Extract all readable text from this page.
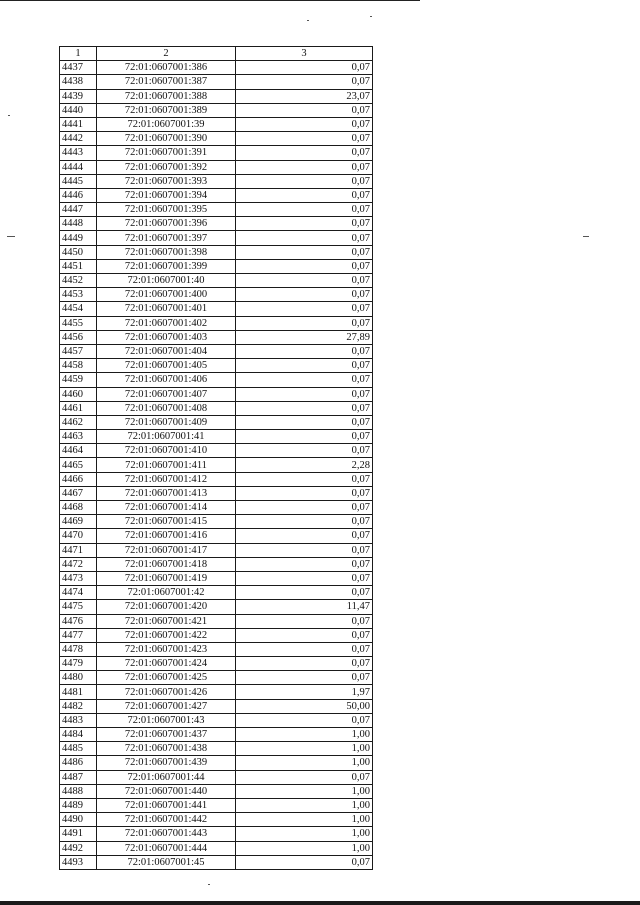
1	2	3
4437	72:01:0607001:386	0,07
4438	72:01:0607001:387	0,07
4439	72:01:0607001:388	23,07
4440	72:01:0607001:389	0,07
4441	72:01:0607001:39	0,07
4442	72:01:0607001:390	0,07
4443	72:01:0607001:391	0,07
4444	72:01:0607001:392	0,07
4445	72:01:0607001:393	0,07
4446	72:01:0607001:394	0,07
4447	72:01:0607001:395	0,07
4448	72:01:0607001:396	0,07
4449	72:01:0607001:397	0,07
4450	72:01:0607001:398	0,07
4451	72:01:0607001:399	0,07
4452	72:01:0607001:40	0,07
4453	72:01:0607001:400	0,07
4454	72:01:0607001:401	0,07
4455	72:01:0607001:402	0,07
4456	72:01:0607001:403	27,89
4457	72:01:0607001:404	0,07
4458	72:01:0607001:405	0,07
4459	72:01:0607001:406	0,07
4460	72:01:0607001:407	0,07
4461	72:01:0607001:408	0,07
4462	72:01:0607001:409	0,07
4463	72:01:0607001:41	0,07
4464	72:01:0607001:410	0,07
4465	72:01:0607001:411	2,28
4466	72:01:0607001:412	0,07
4467	72:01:0607001:413	0,07
4468	72:01:0607001:414	0,07
4469	72:01:0607001:415	0,07
4470	72:01:0607001:416	0,07
4471	72:01:0607001:417	0,07
4472	72:01:0607001:418	0,07
4473	72:01:0607001:419	0,07
4474	72:01:0607001:42	0,07
4475	72:01:0607001:420	11,47
4476	72:01:0607001:421	0,07
4477	72:01:0607001:422	0,07
4478	72:01:0607001:423	0,07
4479	72:01:0607001:424	0,07
4480	72:01:0607001:425	0,07
4481	72:01:0607001:426	1,97
4482	72:01:0607001:427	50,00
4483	72:01:0607001:43	0,07
4484	72:01:0607001:437	1,00
4485	72:01:0607001:438	1,00
4486	72:01:0607001:439	1,00
4487	72:01:0607001:44	0,07
4488	72:01:0607001:440	1,00
4489	72:01:0607001:441	1,00
4490	72:01:0607001:442	1,00
4491	72:01:0607001:443	1,00
4492	72:01:0607001:444	1,00
4493	72:01:0607001:45	0,07
